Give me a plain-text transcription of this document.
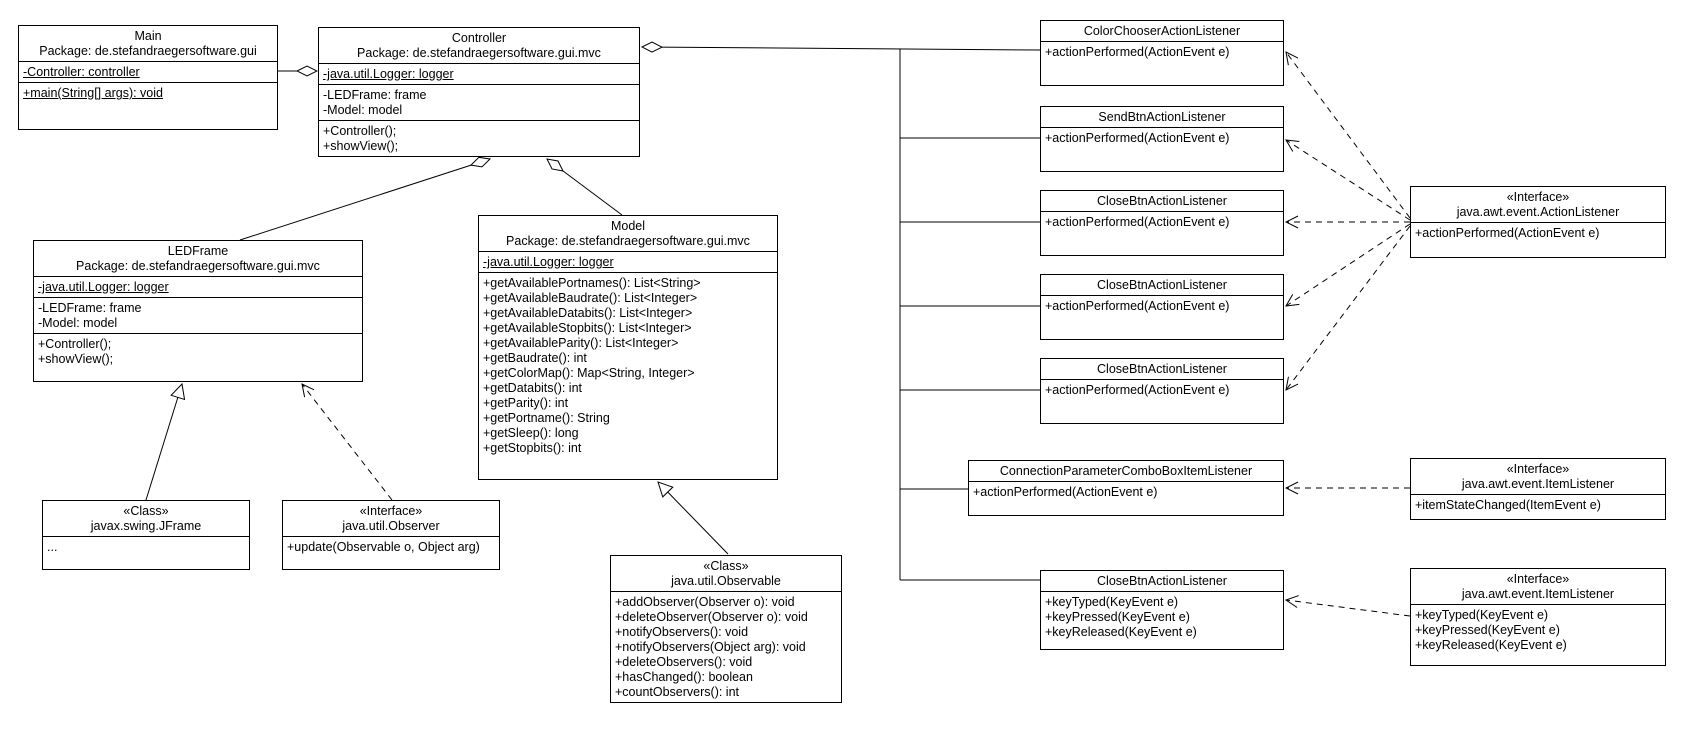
Main
Package: de.stefandraegersoftware.gui
-Controller: controller
+main(String[] args): void
Controller
Package: de.stefandraegersoftware.gui.mvc
-java.util.Logger: logger
-LEDFrame: frame
-Model: model
+Controller();
+showView();
LEDFrame
Package: de.stefandraegersoftware.gui.mvc
-java.util.Logger: logger
-LEDFrame: frame
-Model: model
+Controller();
+showView();
Model
Package: de.stefandraegersoftware.gui.mvc
-java.util.Logger: logger
+getAvailablePortnames(): List<String>
+getAvailableBaudrate(): List<Integer>
+getAvailableDatabits(): List<Integer>
+getAvailableStopbits(): List<Integer>
+getAvailableParity(): List<Integer>
+getBaudrate(): int
+getColorMap(): Map<String, Integer>
+getDatabits(): int
+getParity(): int
+getPortname(): String
+getSleep(): long
+getStopbits(): int
«Class»
javax.swing.JFrame
...
«Interface»
java.util.Observer
+update(Observable o, Object arg)
«Class»
java.util.Observable
+addObserver(Observer o): void
+deleteObserver(Observer o): void
+notifyObservers(): void
+notifyObservers(Object arg): void
+deleteObservers(): void
+hasChanged(): boolean
+countObservers(): int
ColorChooserActionListener
+actionPerformed(ActionEvent e)
SendBtnActionListener
+actionPerformed(ActionEvent e)
CloseBtnActionListener
+actionPerformed(ActionEvent e)
CloseBtnActionListener
+actionPerformed(ActionEvent e)
CloseBtnActionListener
+actionPerformed(ActionEvent e)
ConnectionParameterComboBoxItemListener
+actionPerformed(ActionEvent e)
CloseBtnActionListener
+keyTyped(KeyEvent e)
+keyPressed(KeyEvent e)
+keyReleased(KeyEvent e)
«Interface»
java.awt.event.ActionListener
+actionPerformed(ActionEvent e)
«Interface»
java.awt.event.ItemListener
+itemStateChanged(ItemEvent e)
«Interface»
java.awt.event.ItemListener
+keyTyped(KeyEvent e)
+keyPressed(KeyEvent e)
+keyReleased(KeyEvent e)
